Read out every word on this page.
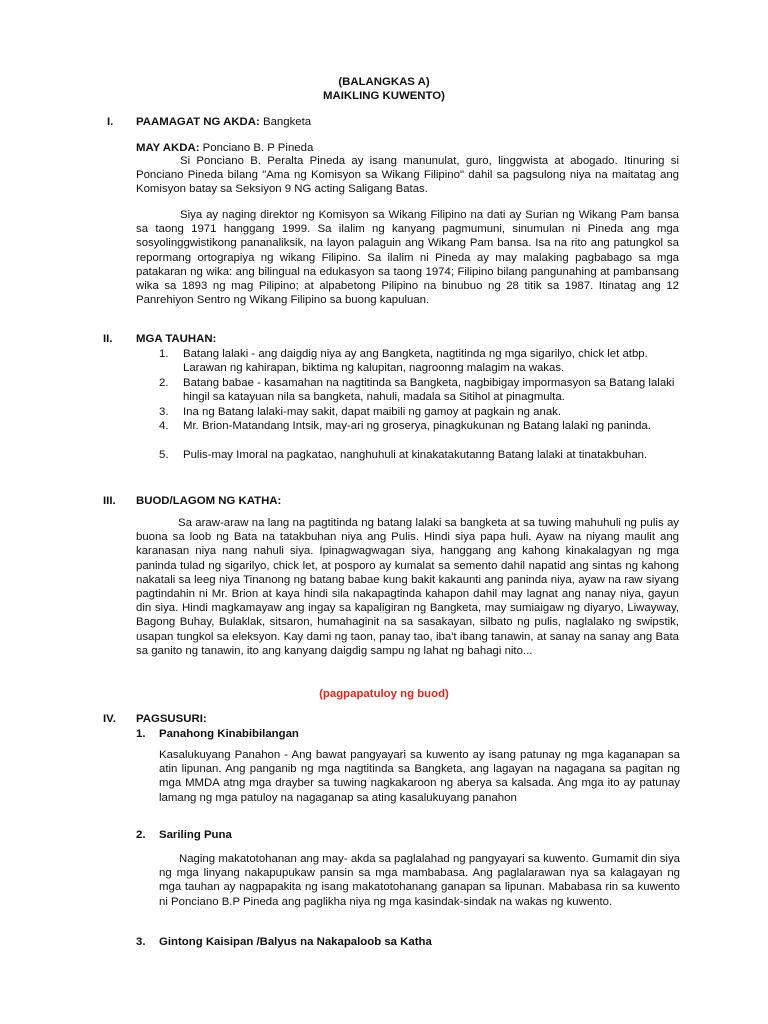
(BALANGKAS A)
MAIKLING KUWENTO)
I. PAAMAGAT NG AKDA: Bangketa
MAY AKDA: Ponciano B. P Pineda

Si Ponciano B. Peralta Pineda ay isang manunulat, guro, linggwista at abogado. Itinuring si Ponciano Pineda bilang "Ama ng Komisyon sa Wikang Filipino" dahil sa pagsulong niya na maitatag ang Komisyon batay sa Seksiyon 9 NG acting Saligang Batas.

Siya ay naging direktor ng Komisyon sa Wikang Filipino na dati ay Surian ng Wikang Pam bansa sa taong 1971 hanggang 1999. Sa ilalim ng kanyang pagmumuni, sinumulan ni Pineda ang mga sosyolinggwistikong pananaliksik, na layon palaguin ang Wikang Pam bansa. Isa na rito ang patungkol sa repormang ortograpiya ng wikang Filipino. Sa ilalim ni Pineda ay may malaking pagbabago sa mga patakaran ng wika: ang bilingual na edukasyon sa taong 1974; Filipino bilang pangunahing at pambansang wika sa 1893 ng mag Pilipino; at alpabetong Pilipino na binubuo ng 28 titik sa 1987. Itinatag ang 12 Panrehiyon Sentro ng Wikang Filipino sa buong kapuluan.

II. MGA TAUHAN:
1. Batang lalaki - ang daigdig niya ay ang Bangketa, nagtitinda ng mga sigarilyo, chick let atbp. Larawan ng kahirapan, biktima ng kalupitan, nagroonng malagim na wakas.
2. Batang babae - kasamahan na nagtitinda sa Bangketa, nagbibigay impormasyon sa Batang lalaki hingil sa katayuan nila sa bangketa, nahuli, madala sa Sitihol at pinagmulta.
3. Ina ng Batang lalaki-may sakit, dapat maibili ng gamoy at pagkain ng anak.
4. Mr. Brion-Matandang Intsik, may-ari ng groserya, pinagkukunan ng Batang lalaki ng paninda.
5. Pulis-may Imoral na pagkatao, nanghuhuli at kinakatakutanng Batang lalaki at tinatakbuhan.
III. BUOD/LAGOM NG KATHA:

Sa araw-araw na lang na pagtitinda ng batang lalaki sa bangketa at sa tuwing mahuhuli ng pulis ay buona sa loob ng Bata na tatakbuhan niya ang Pulis. Hindi siya papa huli. Ayaw na niyang maulit ang karanasan niya nang nahuli siya. Ipinagwagwagan siya, hanggang ang kahong kinakalagyan ng mga paninda tulad ng sigarilyo, chick let, at posporo ay kumalat sa semento dahil napatid ang sintas ng kahong nakatali sa leeg niya Tinanong ng batang babae kung bakit kakaunti ang paninda niya, ayaw na raw siyang pagtindahin ni Mr. Brion at kaya hindi sila nakapagtinda kahapon dahil may lagnat ang nanay niya, gayun din siya. Hindi magkamayaw ang ingay sa kapaligiran ng Bangketa, may sumiaigaw ng diyaryo, Liwayway, Bagong Buhay, Bulaklak, sitsaron, humahaginit na sa sasakayan, silbato ng pulis, naglalako ng swipstik, usapan tungkol sa eleksyon. Kay dami ng taon, panay tao, iba't ibang tanawin, at sanay na sanay ang Bata sa ganito ng tanawin, ito ang kanyang daigdig sampu ng lahat ng bahagi nito...

(pagpapatuloy ng buod)
IV. PAGSUSURI:
1. Panahong Kinabibilangan

Kasalukuyang Panahon - Ang bawat pangyayari sa kuwento ay isang patunay ng mga kaganapan sa atin lipunan. Ang panganib ng mga nagtitinda sa Bangketa, ang lagayan na nagagana sa pagitan ng mga MMDA atng mga drayber sa tuwing nagkakaroon ng aberya sa kalsada. Ang mga ito ay patunay lamang ng mga patuloy na nagaganap sa ating kasalukuyang panahon

2. Sariling Puna

Naging makatotohanan ang may- akda sa paglalahad ng pangyayari sa kuwento. Gumamit din siya ng mga linyang nakapupukaw pansin sa mga mambabasa. Ang paglalarawan nya sa kalagayan ng mga tauhan ay nagpapakita ng isang makatotohanang ganapan sa lipunan. Mababasa rin sa kuwento ni Ponciano B.P Pineda ang paglikha niya ng mga kasindak-sindak na wakas ng kuwento.

3. Gintong Kaisipan /Balyus na Nakapaloob sa Katha
